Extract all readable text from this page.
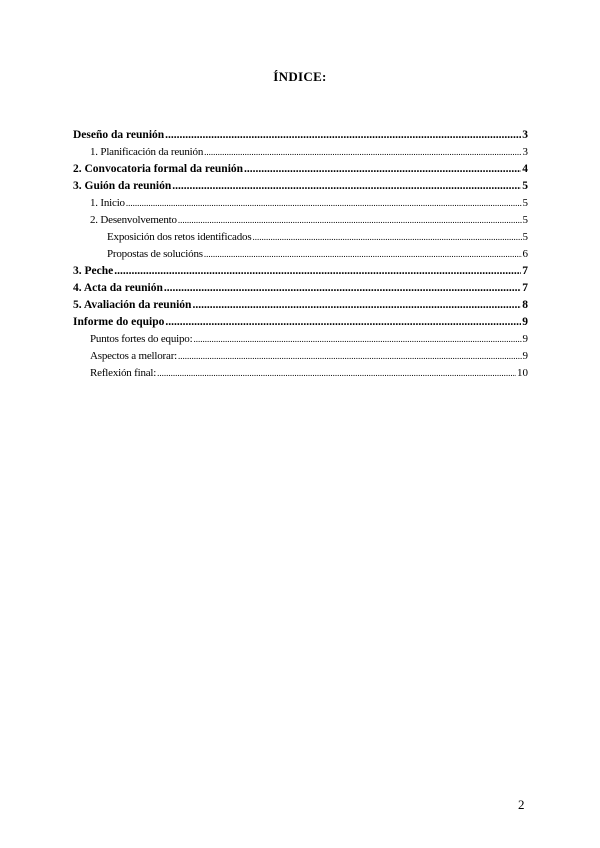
ÍNDICE:
Deseño da reunión .....	3
1. Planificación da reunión .....	3
2. Convocatoria formal da reunión .....	4
3. Guión da reunión .....	5
1. Inicio .....	5
2. Desenvolvemento .....	5
Exposición dos retos identificados .....	5
Propostas de solucións .....	6
3. Peche .....	7
4. Acta da reunión .....	7
5. Avaliación da reunión .....	8
Informe do equipo .....	9
Puntos fortes do equipo: .....	9
Aspectos a mellorar: .....	9
Reflexión final: .....	10
2
